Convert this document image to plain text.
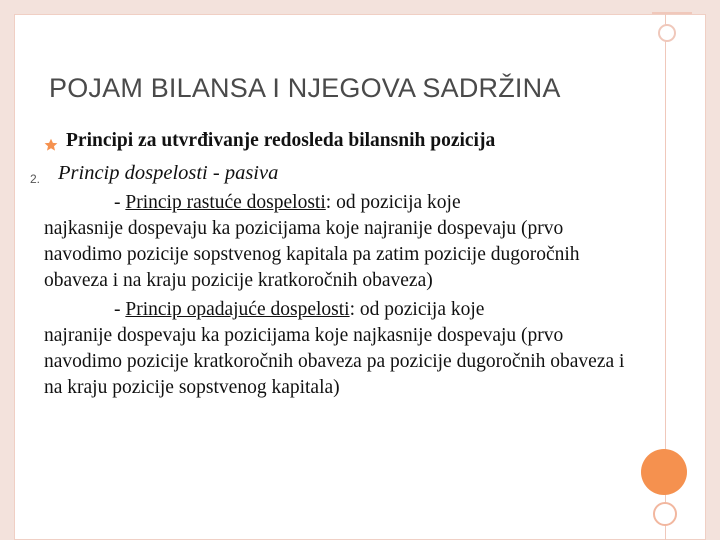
POJAM BILANSA I NJEGOVA SADRŽINA
Principi za utvrđivanje redosleda bilansnih pozicija
2. Princip dospelosti - pasiva
- Princip rastuće dospelosti: od pozicija koje
najkasnije dospevaju ka pozicijama koje najranije dospevaju (prvo navodimo pozicije sopstvenog kapitala pa zatim pozicije dugoročnih obaveza i na kraju pozicije kratkoročnih obaveza)
- Princip opadajuće dospelosti: od pozicija koje
najranije dospevaju ka pozicijama koje najkasnije dospevaju (prvo navodimo pozicije kratkoročnih obaveza pa pozicije dugoročnih obaveza i na kraju pozicije sopstvenog kapitala)
